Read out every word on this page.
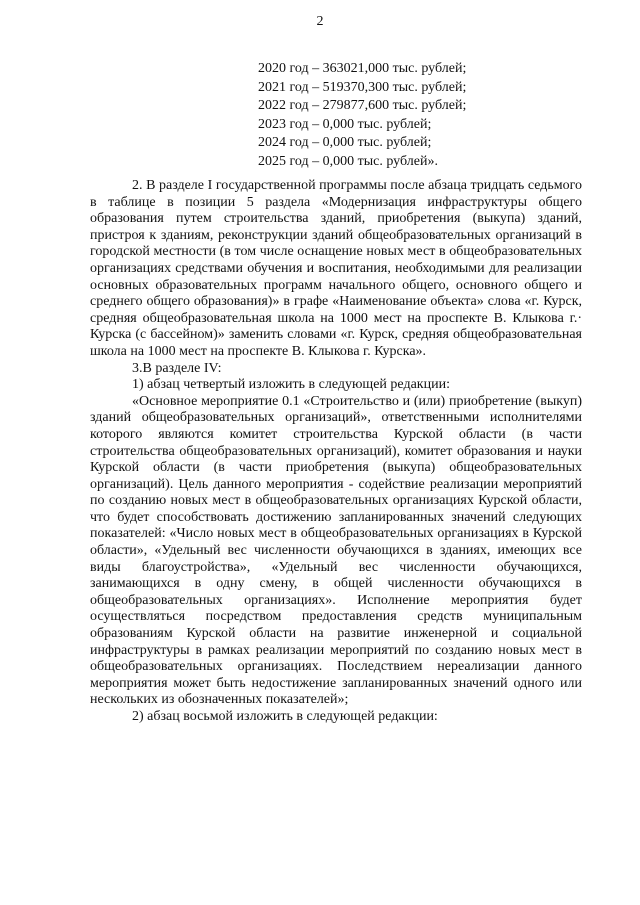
2
2020 год – 363021,000 тыс. рублей;
2021 год – 519370,300 тыс. рублей;
2022 год – 279877,600 тыс. рублей;
2023 год – 0,000 тыс. рублей;
2024 год – 0,000 тыс. рублей;
2025 год – 0,000 тыс. рублей».

2. В разделе I государственной программы после абзаца тридцать седьмого в таблице в позиции 5 раздела «Модернизация инфраструктуры общего образования путем строительства зданий, приобретения (выкупа) зданий, пристроя к зданиям, реконструкции зданий общеобразовательных организаций в городской местности (в том числе оснащение новых мест в общеобразовательных организациях средствами обучения и воспитания, необходимыми для реализации основных образовательных программ начального общего, основного общего и среднего общего образования)» в графе «Наименование объекта» слова «г. Курск, средняя общеобразовательная школа на 1000 мест на проспекте В. Клыкова г.· Курска (с бассейном)» заменить словами «г. Курск, средняя общеобразовательная школа на 1000 мест на проспекте В. Клыкова г. Курска».

3.В разделе IV:

1) абзац четвертый изложить в следующей редакции:

«Основное мероприятие 0.1 «Строительство и (или) приобретение (выкуп) зданий общеобразовательных организаций», ответственными исполнителями которого являются комитет строительства Курской области (в части строительства общеобразовательных организаций), комитет образования и науки Курской области (в части приобретения (выкупа) общеобразовательных организаций). Цель данного мероприятия - содействие реализации мероприятий по созданию новых мест в общеобразовательных организациях Курской области, что будет способствовать достижению запланированных значений следующих показателей: «Число новых мест в общеобразовательных организациях в Курской области», «Удельный вес численности обучающихся в зданиях, имеющих все виды благоустройства», «Удельный вес численности обучающихся, занимающихся в одну смену, в общей численности обучающихся в общеобразовательных организациях». Исполнение мероприятия будет осуществляться посредством предоставления средств муниципальным образованиям Курской области на развитие инженерной и социальной инфраструктуры в рамках реализации мероприятий по созданию новых мест в общеобразовательных организациях. Последствием нереализации данного мероприятия может быть недостижение запланированных значений одного или нескольких из обозначенных показателей»;

2) абзац восьмой изложить в следующей редакции:
